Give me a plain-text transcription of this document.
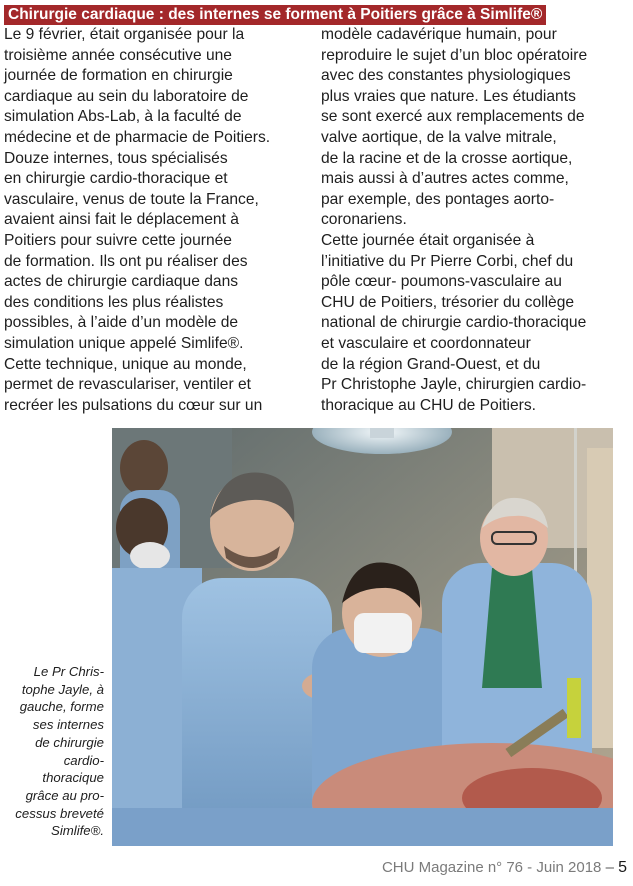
Chirurgie cardiaque : des internes se forment à Poitiers grâce à Simlife®
Le 9 février, était organisée pour la
troisième année consécutive une
journée de formation en chirurgie
cardiaque au sein du laboratoire de
simulation Abs-Lab, à la faculté de
médecine et de pharmacie de Poitiers.
Douze internes, tous spécialisés
en chirurgie cardio-thoracique et
vasculaire, venus de toute la France,
avaient ainsi fait le déplacement à
Poitiers pour suivre cette journée
de formation. Ils ont pu réaliser des
actes de chirurgie cardiaque dans
des conditions les plus réalistes
possibles, à l’aide d’un modèle de
simulation unique appelé Simlife®.
Cette technique, unique au monde,
permet de revasculariser, ventiler et
recréer les pulsations du cœur sur un
modèle cadavérique humain, pour
reproduire le sujet d’un bloc opératoire
avec des constantes physiologiques
plus vraies que nature. Les étudiants
se sont exercé aux remplacements de
valve aortique, de la valve mitrale,
de la racine et de la crosse aortique,
mais aussi à d’autres actes comme,
par exemple, des pontages aorto-
coronariens.
Cette journée était organisée à
l’initiative du Pr Pierre Corbi, chef du
pôle cœur- poumons-vasculaire au
CHU de Poitiers, trésorier du collège
national de chirurgie cardio-thoracique
et vasculaire et coordonnateur
de la région Grand-Ouest, et du
Pr Christophe Jayle, chirurgien cardio-
thoracique au CHU de Poitiers.
Le Pr Chris-
tophe Jayle, à
gauche, forme
ses internes
de chirurgie
cardio-
thoracique
grâce au pro-
cessus breveté
Simlife®.
CHU Magazine n° 76 - Juin 2018 – 5
